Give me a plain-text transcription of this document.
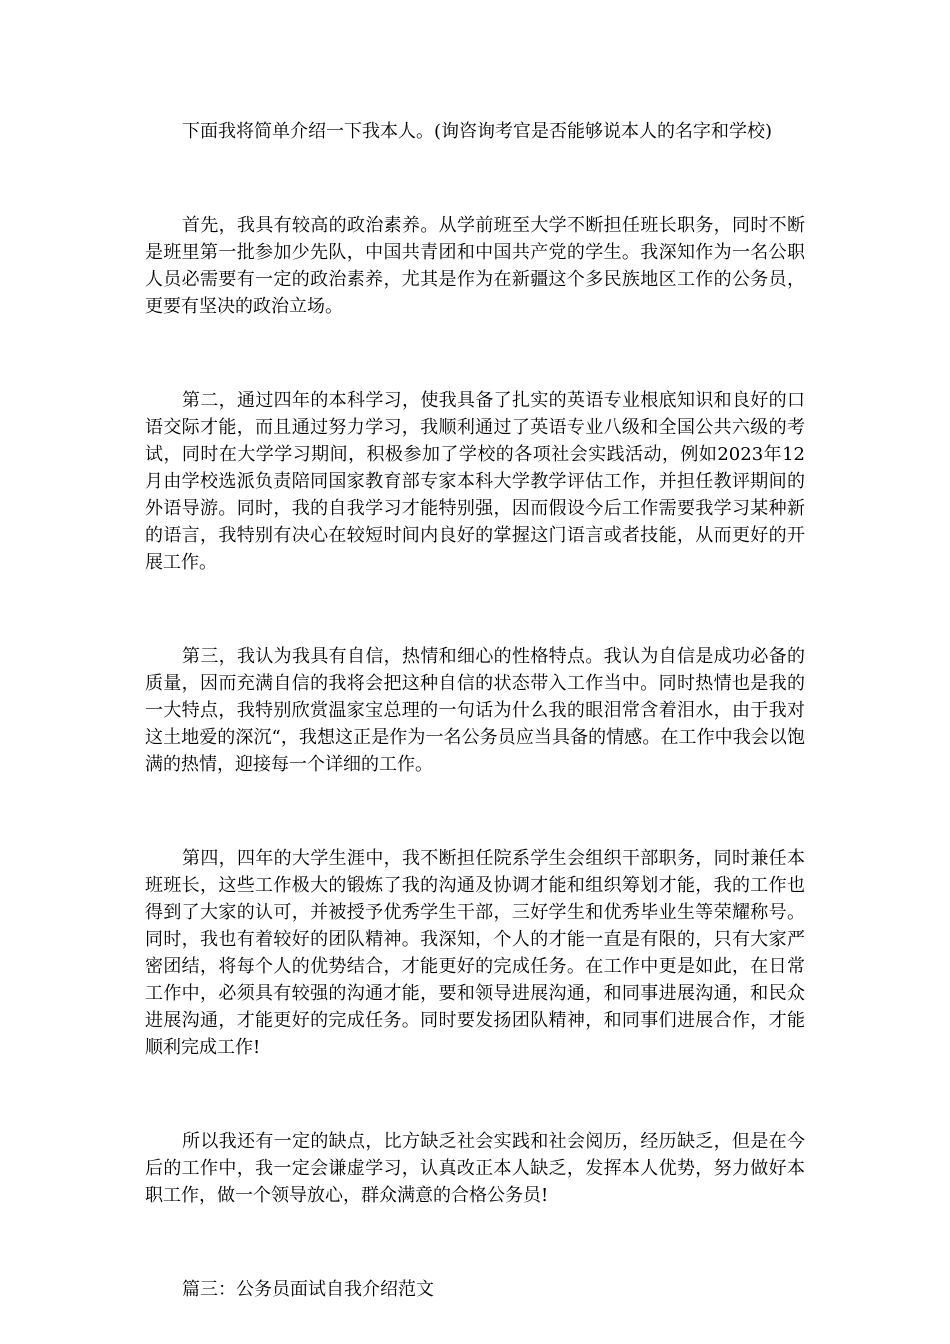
下面我将简单介绍一下我本人。(询咨询考官是否能够说本人的名字和学校)

首先，我具有较高的政治素养。从学前班至大学不断担任班长职务，同时不断是班里第一批参加少先队，中国共青团和中国共产党的学生。我深知作为一名公职人员必需要有一定的政治素养，尤其是作为在新疆这个多民族地区工作的公务员，更要有坚决的政治立场。

第二，通过四年的本科学习，使我具备了扎实的英语专业根底知识和良好的口语交际才能，而且通过努力学习，我顺利通过了英语专业八级和全国公共六级的考试，同时在大学学习期间，积极参加了学校的各项社会实践活动，例如2023年12月由学校选派负责陪同国家教育部专家本科大学教学评估工作，并担任教评期间的外语导游。同时，我的自我学习才能特别强，因而假设今后工作需要我学习某种新的语言，我特别有决心在较短时间内良好的掌握这门语言或者技能，从而更好的开展工作。

第三，我认为我具有自信，热情和细心的性格特点。我认为自信是成功必备的质量，因而充满自信的我将会把这种自信的状态带入工作当中。同时热情也是我的一大特点，我特别欣赏温家宝总理的一句话为什么我的眼泪常含着泪水，由于我对这土地爱的深沉“，我想这正是作为一名公务员应当具备的情感。在工作中我会以饱满的热情，迎接每一个详细的工作。

第四，四年的大学生涯中，我不断担任院系学生会组织干部职务，同时兼任本班班长，这些工作极大的锻炼了我的沟通及协调才能和组织筹划才能，我的工作也得到了大家的认可，并被授予优秀学生干部，三好学生和优秀毕业生等荣耀称号。同时，我也有着较好的团队精神。我深知，个人的才能一直是有限的，只有大家严密团结，将每个人的优势结合，才能更好的完成任务。在工作中更是如此，在日常工作中，必须具有较强的沟通才能，要和领导进展沟通，和同事进展沟通，和民众进展沟通，才能更好的完成任务。同时要发扬团队精神，和同事们进展合作，才能顺利完成工作!

所以我还有一定的缺点，比方缺乏社会实践和社会阅历，经历缺乏，但是在今后的工作中，我一定会谦虚学习，认真改正本人缺乏，发挥本人优势，努力做好本职工作，做一个领导放心，群众满意的合格公务员!

篇三：公务员面试自我介绍范文
